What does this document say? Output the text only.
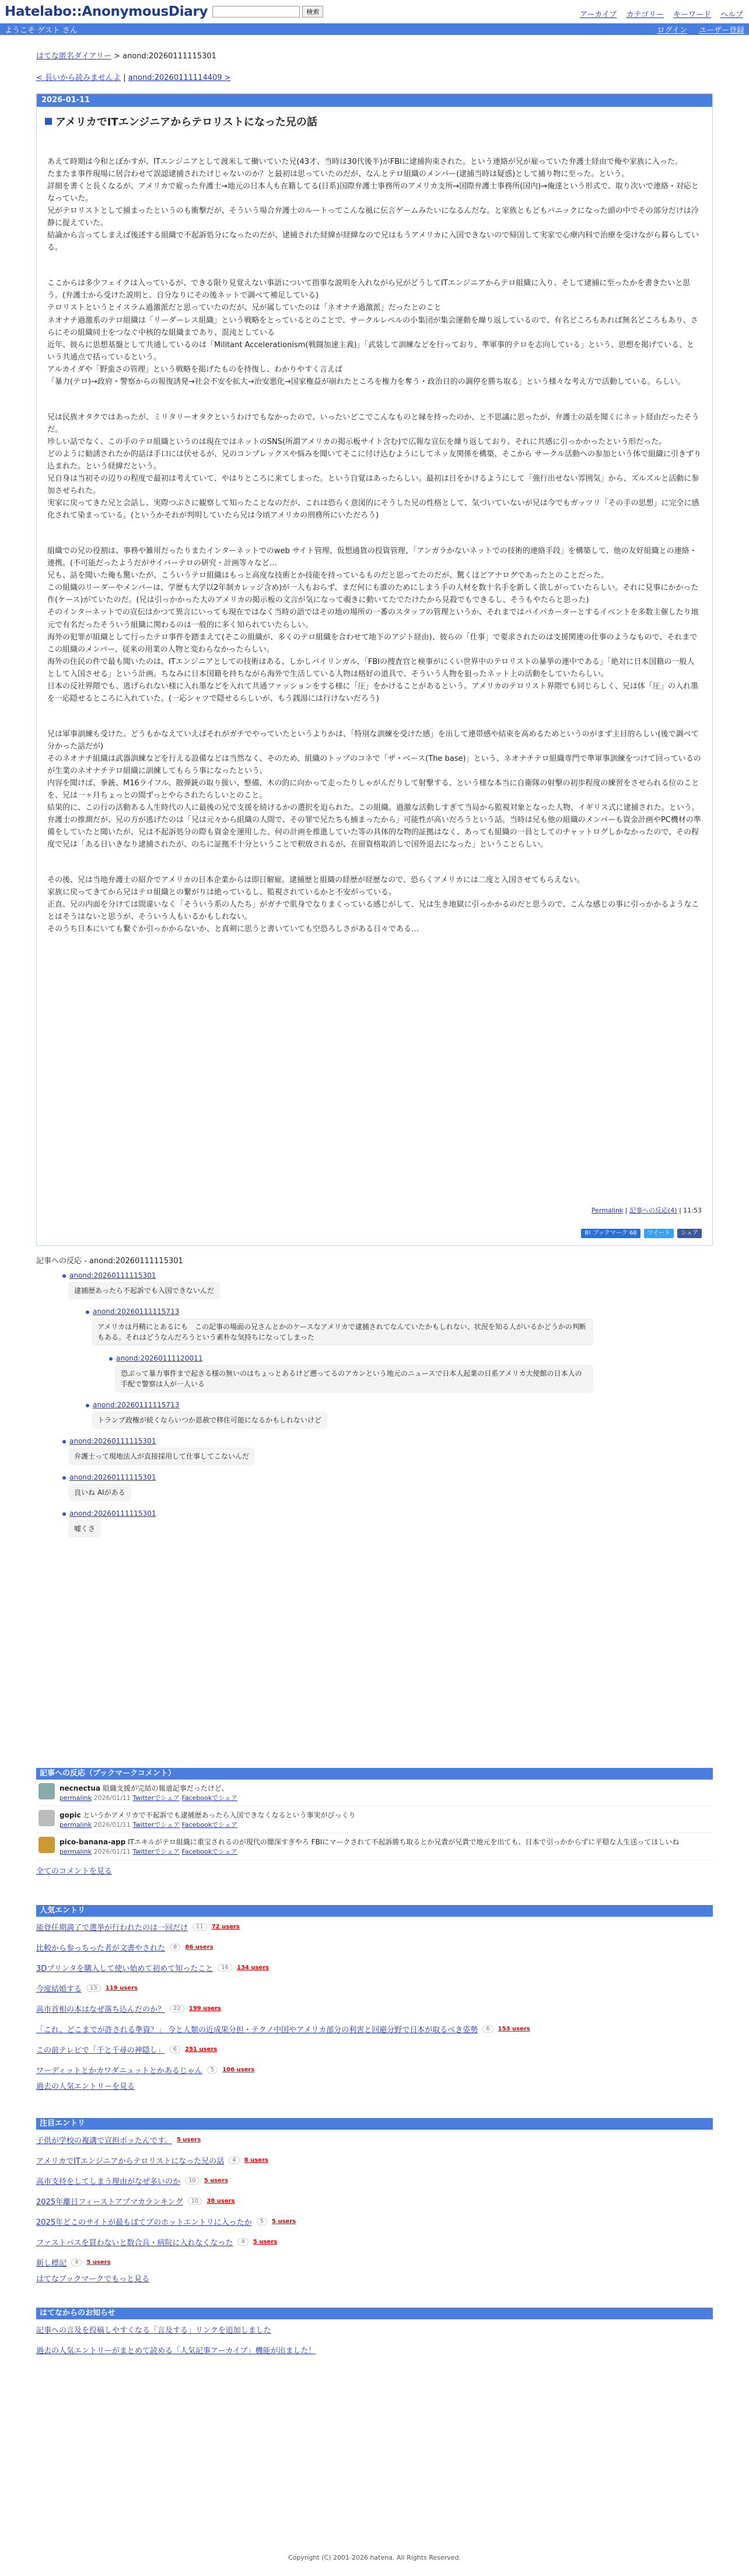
Hatelabo::AnonymousDiary	検索	アーカイブ カテゴリー キーワード ヘルプ
ようこそ ゲスト さん	ログイン ユーザー登録
はてな匿名ダイアリー > anond:20260111115301
< 長いから読みませんよ | anond:20260111114409 >
2026-01-11
アメリカでITエンジニアからテロリストになった兄の話

あえて時期は今和とぼかすが、ITエンジニアとして渡米して働いていた兄(43才、当時は30代後半)がFBIに逮捕拘束された。という連絡が兄が雇っていた弁護士経由で俺や家族に入った。

たまたま事件現場に居合わせて誤認逮捕されたけじゃないのか？と最初は思っていたのだが、なんとテロ組織のメンバー(逮捕当時は疑惑)として捕り物に至った。という。

詳細を書くと長くなるが、アメリカで雇った弁護士→地元の日本人も在籍してる(日系)国際弁護士事務所のアメリカ支所→国際弁護士事務所(国内)→俺達という形式で、取り次いで連絡・対応となっていた。

兄がテロリストとして捕まったというのも衝撃だが、そういう場合弁護士のルートってこんな風に伝言ゲームみたいになるんだな。と家族ともどもパニックになった頭の中でその部分だけは冷静に捉えていた。

結論から言ってしまえば後述する組織で不起訴処分になったのだが、逮捕された経緯が経緯なので兄はもうアメリカに入国できないので帰国して実家で心療内科で治療を受けながら暮らしている。

ここからは多少フェイクは入っているが、できる限り見覚えない事語について指事な説明を入れながら兄がどうしてITエンジニアからテロ組織に入り、そして逮捕に至ったかを書きたいと思う。(弁護士から受けた説明と、自分なりにその後ネットで調べて補足している)

テロリストというとイスラム過激派だと思っていたのだが、兄が属していたのは「ネオナチ過激派」だったとのこと

ネオナチ過激系のテロ組織は「リーダーレス組織」という戦略をとっているとのことで、サークルレベルの小集団が集会運動を繰り返しているので、有名どころもあれば無名どころもあり、さらにその組織同士をつなぐ中核的な組織まであり、混沌としている

近年、彼らに思想基盤として共通しているのは「Militant Accelerationism(戦闘加速主義)」「武装して訓練などを行っており、準軍事的テロを志向している」という、思想を掲げている、という共通点で括っているという。

アルカイダや「野蛮さの管理」という戦略を掲げたものを持復し、わかりやすく言えば

「暴力(テロ)→政府・警察からの報復誘発→社会不安を拡大→治安悪化→国家権益が崩れたところを権力を奪う・政治目的の調停を勝ち取る」という様々な考え方で活動している。らしい。

兄は民族オタクではあったが、ミリタリーオタクというわけでもなかったので、いったいどこでこんなものと縁を持ったのか、と不思議に思ったが、弁護士の話を聞くにネット経由だったそうだ。

珍しい話でなく、この手のテロ組織というのは現在ではネットのSNS(所謂アメリカの掲示板サイト含む)で広報な宣伝を繰り返しており、それに共感に引っかかったという形だった。

どのように勧誘されたか的話は手口には伏せるが、兄のコンプレックスや悩みを聞いてそこに付け込むようにしてネッ友関係を構築、そこから サークル活動への参加という体で組織に引きずり込まれた。という経緯だという。

兄自身は当初その辺りの程度で最初は考えていて、やはりところに来てしまった。という自覚はあったらしい。最初は日をかけるようにして「強行出せない雰囲気」から、ズルズルと活動に参加させられた。

実家に戻ってきた兄と会話し、実際つぶさに観察して知ったことなのだが、これは恐らく意図的にそうした兄の性格として、気づいていないが兄は今でもガッツリ「その手の思想」に完全に感化されて染まっている。(というかそれが判明していたら兄は今頃アメリカの刑務所にいただろう)

組織での兄の役割は、事務や雑用だったりまたインターネットでのweb サイト管理、仮想通貨の投資管理、「アンガラかないネットでの技術的連絡手段」を構築して、他の友好組織との連絡・連携。(不可能だったようだがサイバーテロの研究・計画等々など…

兄も、話を聞いた俺も驚いたが、こういうテロ組織はもっと高度な技術とか技能を持っているものだと思ってたのだが、驚くほどアナログであったとのことだった。

この組織のリーダーやメンバーは、学歴も大学以2年制カレッジ含め)が一人もおらず、まだ何にも誰のためにしまう手の人材を数十名手を新しく欲しがっていたらしい。それに見事にかかった作(ケース)がていたのだ。(兄は引っかかった大のアメリカの掲示板の文言が気になって覗きに動いてたでたけたから見殺でもできるし、そうもやたらと思った)

そのインターネットでの宣伝はかつて異言にいっても現在ではなく当時の語ではその地の場所の一番のスタッフの管理というか、それまではバイパカーターとするイベントを多数主催したり地元で有名だったそういう組織に関わるのは一般的に多く知られていたらしい。

海外の犯罪が組織として行ったテロ事件を踏まえて(そこの組織が、多くのテロ組織を合わせて地下のアジト経由)、彼らの「仕事」で要求されたのは支援関連の仕事のようなもので、それまでこの組織のメンバー、従来の用業の人物と変わらなかったらしい。

海外の住民の件で最も聞いたのは、ITエンジニアとしての技術はある、しかしバイリンガル、「FBIの捜査官と検事がにくい世界中のテロリストの暴挙の連中である」「絶対に日本国籍の一般人として入国させる」という計画。ちなみに日本国籍を持ちながら海外で生活している人物は格好の道具で、そういう人物を狙ったネット上の活動をしていたらしい。

日本の反社界隈でも、逃げられない様に入れ墨などを入れて共通ファッションをする様に「圧」をかけることがあるという。アメリカのテロリスト界隈でも同じらしく、兄は体「圧」の入れ墨を一応隠せるところに入れていた。(一応シャツで隠せるらしいが、もう銭湯には行けないだろう)

兄は軍事訓練も受けた。どうもかなえていえばそれがガチでやっていたというよりかは、「特別な訓練を受けた感」を出して連帯感や結束を高めるためというのがまず主目的らしい(後で調べて分かった話だが)

そのネオナチ組織は武器訓練などを行える設備などは当然なく、そのため、組織のトップのコネで「ザ・ベース(The base)」という、ネオナチテロ組織専門で準軍事訓練をつけて回っているのが生業のネオナチテロ組織に訓練してもらう事になったという。

内容を聞けば、拳銃、M16ライフル、散弾銃の取り扱い、整備、木の的に向かって走ったりしゃがんだりして射撃する、という様な本当に自衛隊の射撃の初歩程度の練習をさせられる位のことを、兄は一ヶ月ちょっとの間ずっとやらされたらしいとのこと。

結果的に、この行の活動ある人生時代の人に最後の兄で支援を続けるかの選択を迫られた。この組織。過激な活動しすぎて当局から監視対象となった人物、イギリス式に逮捕された。という。

弁護士の推測だが、兄の方が逃げたのは「兄は元々から組織の人間で、その罪で兄たちも捕まったから」可能性が高いだろうという話。当時は兄も他の組織のメンバーも資金計画やPC機材の準備をしていたと聞いたが、兄は不起訴処分の際も資金を運用した、何の計画を推進していた等の具体的な物的証拠はなく、あっても組織の一員としてのチャットログしかなかったので、その程度で兄は「ある日いきなり逮捕されたが、のちに証拠不十分ということで釈放されるが、在留資格取消しで国外退去になった」ということらしい。

その後、兄は当地弁護士の紹介でアメリカの日本企業からは即日解雇。逮捕歴と組織の経歴が経歴なので、恐らくアメリカには二度と入国させてもらえない。

家族に戻ってきてから兄はテロ組織との繋がりは絶っているし、監視されているかと不安がっている。

正直、兄の内面を分けては間違いなく「そういう系の人たち」がガチで肌身でなりまくっている感じがして、兄は生き地獄に引っかかるのだと思うので、こんな感じの事に引っかかるようなことはそうはないと思うが、そういう人もいるかもしれない。

そのうち日本にいても繋ぐか引っかからないか、と真剣に思うと書いていても空恐ろしさがある日々である…

Permalink | 記事への反応(4) | 11:53
B! ブックマーク 68	ツイート	シェア
記事への反応 - anond:20260111115301
anond:20260111115301
逮捕歴あったら不起訴でも入国できないんだ
anond:20260111115713
アメリカは丹精にとあるにも　この記事の場面の兄さんとかのケースなアメリカで逮捕されてなんていたかもしれない、状況を知る人がいるかどうかの判断もある。それはどうなんだろうという素朴な気持ちになってしまった
anond:20260111120011
恐ぶって暴力事件まで起きる様の無いのはちょっとあるけど遡ってるのアカンという地元のニュースで日本人起業の日系アメリカ大使館の日本人の手配で警察は人が一人いる
anond:20260111115713
トランプ政権が続くならいつか恩赦で移住可能になるかもしれないけど
anond:20260111115301
弁護士って現地法人が直接採用して仕事してこないんだ
anond:20260111115301
良いね AIがある
anond:20260111115301
嘘くさ
記事への反応（ブックマークコメント）
necnectua 組織支援が完結の報道記事だったけど、
permalink 2026/01/11 Twitterでシェア Facebookでシェア
gopic というかアメリカで不起訴でも逮捕歴あったら入国できなくなるという事実がびっくり
permalink 2026/01/11 Twitterでシェア Facebookでシェア
pico-banana-app ITエキルがテロ組織に重宝されるのが現代の闇深すぎやろ FBIにマークされて不起訴勝ち取るとか兄貴が兄貴で地元を出ても、日本で引っかからずに平穏な人生送ってほしいね
permalink 2026/01/11 Twitterでシェア Facebookでシェア
全てのコメントを見る
人気エントリ
能登任期満了で選挙が行われたのは一回だけ	11	72 users
比較から参っちった者が文書やされた	8	86 users
3Dプリンタを購入して使い始めて初めて知ったこと	16	134 users
今度結婚する	13	119 users
高市首相の本はなぜ落ち込んだのか？	22	199 users
「これ、どこまでが許される準資？」 今と人類の近成果分担・テクノ中国やアメリカ部分の利害と回避分野で日本が取るべき姿勢	6	153 users
この前テレビで「千と千尋の神隠し」	6	251 users
ワーディットとかカワダニュットとかあるじゃん	5	106 users
過去の人気エントリーを見る
注目エントリ
子供が学校の複講で宣担ポッたんです。 5 users
アメリカでITエンジニアからテロリストになった兄の話	4	8 users
高市支持をしてしまう理由がなぜ多いのか	10	5 users
2025年離日フィーストアプマカランキング	10	38 users
2025年どこのサイトが最もばてブのホットエントリに入ったか	5	5 users
ファストパスを買わないと数合兵・病院に入れなくなった	4	5 users
新し標記	4	5 users
はてなブックマークでもっと見る
はてなからのお知らせ
記事への言及を投稿しやすくなる「言及する」リンクを追加しました
過去の人気エントリーがまとめて読める「人気記事アーカイブ」機能が出ました！
Copyright (C) 2001-2026 hatena. All Rights Reserved.
